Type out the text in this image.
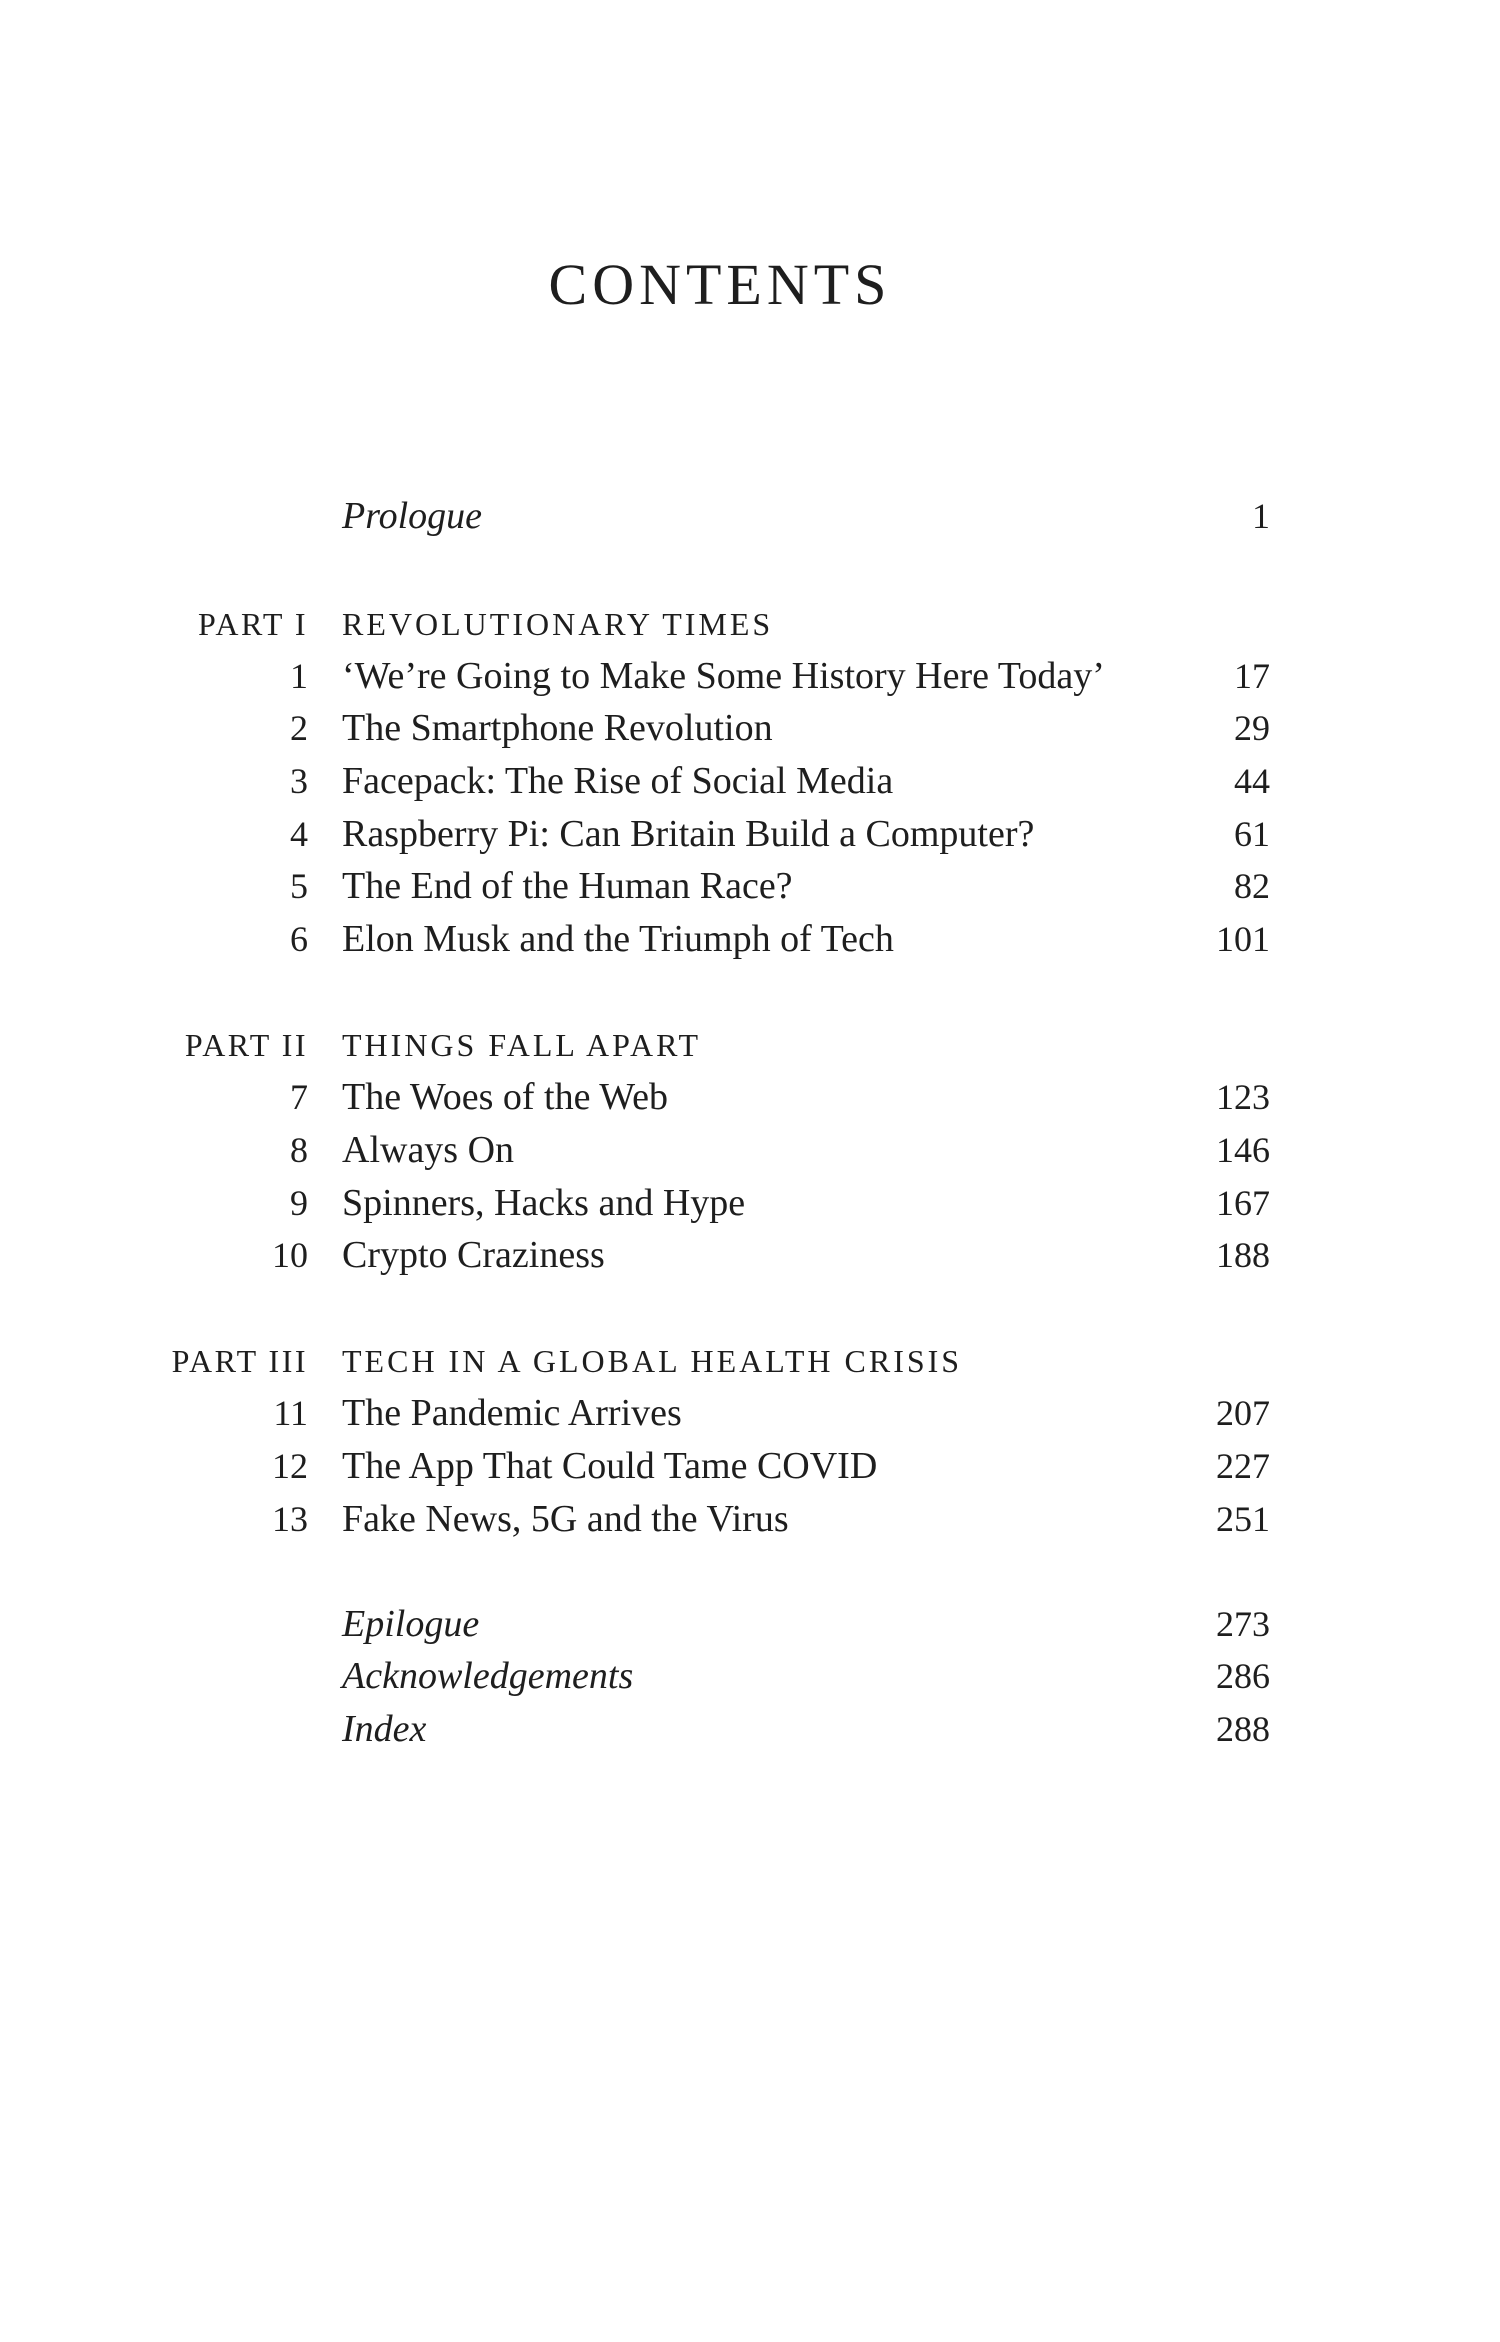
CONTENTS
Prologue	1
PART I REVOLUTIONARY TIMES
1 ‘We’re Going to Make Some History Here Today’	17
2 The Smartphone Revolution	29
3 Facepack: The Rise of Social Media	44
4 Raspberry Pi: Can Britain Build a Computer?	61
5 The End of the Human Race?	82
6 Elon Musk and the Triumph of Tech	101
PART II THINGS FALL APART
7 The Woes of the Web	123
8 Always On	146
9 Spinners, Hacks and Hype	167
10 Crypto Craziness	188
PART III TECH IN A GLOBAL HEALTH CRISIS
11 The Pandemic Arrives	207
12 The App That Could Tame COVID	227
13 Fake News, 5G and the Virus	251
Epilogue	273
Acknowledgements	286
Index	288
